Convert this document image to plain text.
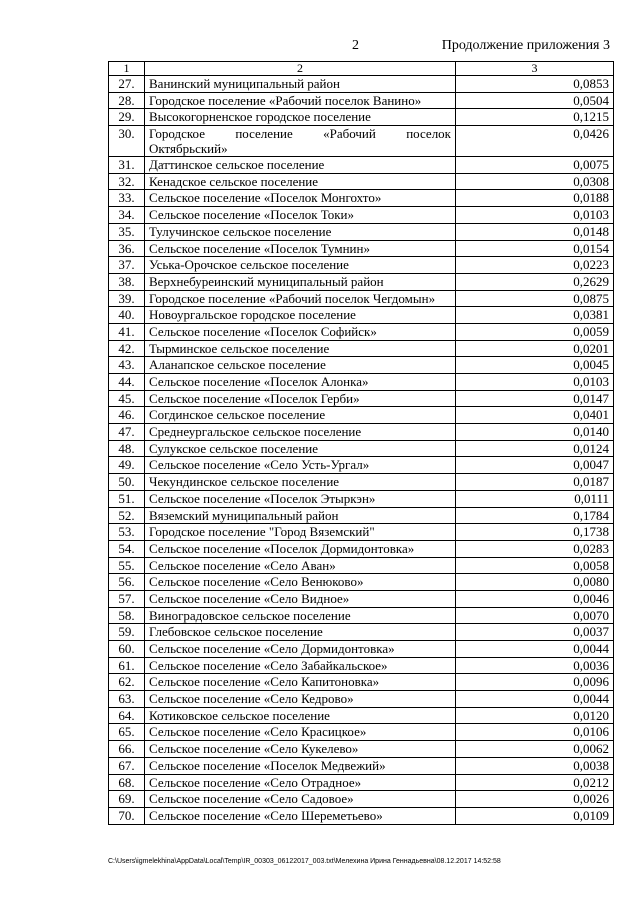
2	Продолжение приложения 3
1	2	3
27.	Ванинский муниципальный район	0,0853
28.	Городское поселение «Рабочий поселок Ванино»	0,0504
29.	Высокогорненское городское поселение	0,1215
30.	Городское поселение «Рабочий поселок Октябрьский»	0,0426
31.	Даттинское сельское поселение	0,0075
32.	Кенадское сельское поселение	0,0308
33.	Сельское поселение «Поселок Монгохто»	0,0188
34.	Сельское поселение «Поселок Токи»	0,0103
35.	Тулучинское сельское поселение	0,0148
36.	Сельское поселение «Поселок Тумнин»	0,0154
37.	Уська-Орочское сельское поселение	0,0223
38.	Верхнебуреинский муниципальный район	0,2629
39.	Городское поселение «Рабочий поселок Чегдомын»	0,0875
40.	Новоургальское городское поселение	0,0381
41.	Сельское поселение «Поселок Софийск»	0,0059
42.	Тырминское сельское поселение	0,0201
43.	Аланапское сельское поселение	0,0045
44.	Сельское поселение «Поселок Алонка»	0,0103
45.	Сельское поселение «Поселок Герби»	0,0147
46.	Согдинское сельское поселение	0,0401
47.	Среднеургальское сельское поселение	0,0140
48.	Сулукское сельское поселение	0,0124
49.	Сельское поселение «Село Усть-Ургал»	0,0047
50.	Чекундинское сельское поселение	0,0187
51.	Сельское поселение «Поселок Этыркэн»	0,0111
52.	Вяземский муниципальный район	0,1784
53.	Городское поселение "Город Вяземский"	0,1738
54.	Сельское поселение «Поселок Дормидонтовка»	0,0283
55.	Сельское поселение «Село Аван»	0,0058
56.	Сельское поселение «Село Венюково»	0,0080
57.	Сельское поселение «Село Видное»	0,0046
58.	Виноградовское сельское поселение	0,0070
59.	Глебовское сельское поселение	0,0037
60.	Сельское поселение «Село Дормидонтовка»	0,0044
61.	Сельское поселение «Село Забайкальское»	0,0036
62.	Сельское поселение «Село Капитоновка»	0,0096
63.	Сельское поселение «Село Кедрово»	0,0044
64.	Котиковское сельское поселение	0,0120
65.	Сельское поселение «Село Красицкое»	0,0106
66.	Сельское поселение «Село Кукелево»	0,0062
67.	Сельское поселение «Поселок Медвежий»	0,0038
68.	Сельское поселение «Село Отрадное»	0,0212
69.	Сельское поселение «Село Садовое»	0,0026
70.	Сельское поселение «Село Шереметьево»	0,0109
C:\Users\igmelekhina\AppData\Local\Temp\IR_00303_06122017_003.txt\Мелехина Ирина Геннадьевна\08.12.2017 14:52:58
